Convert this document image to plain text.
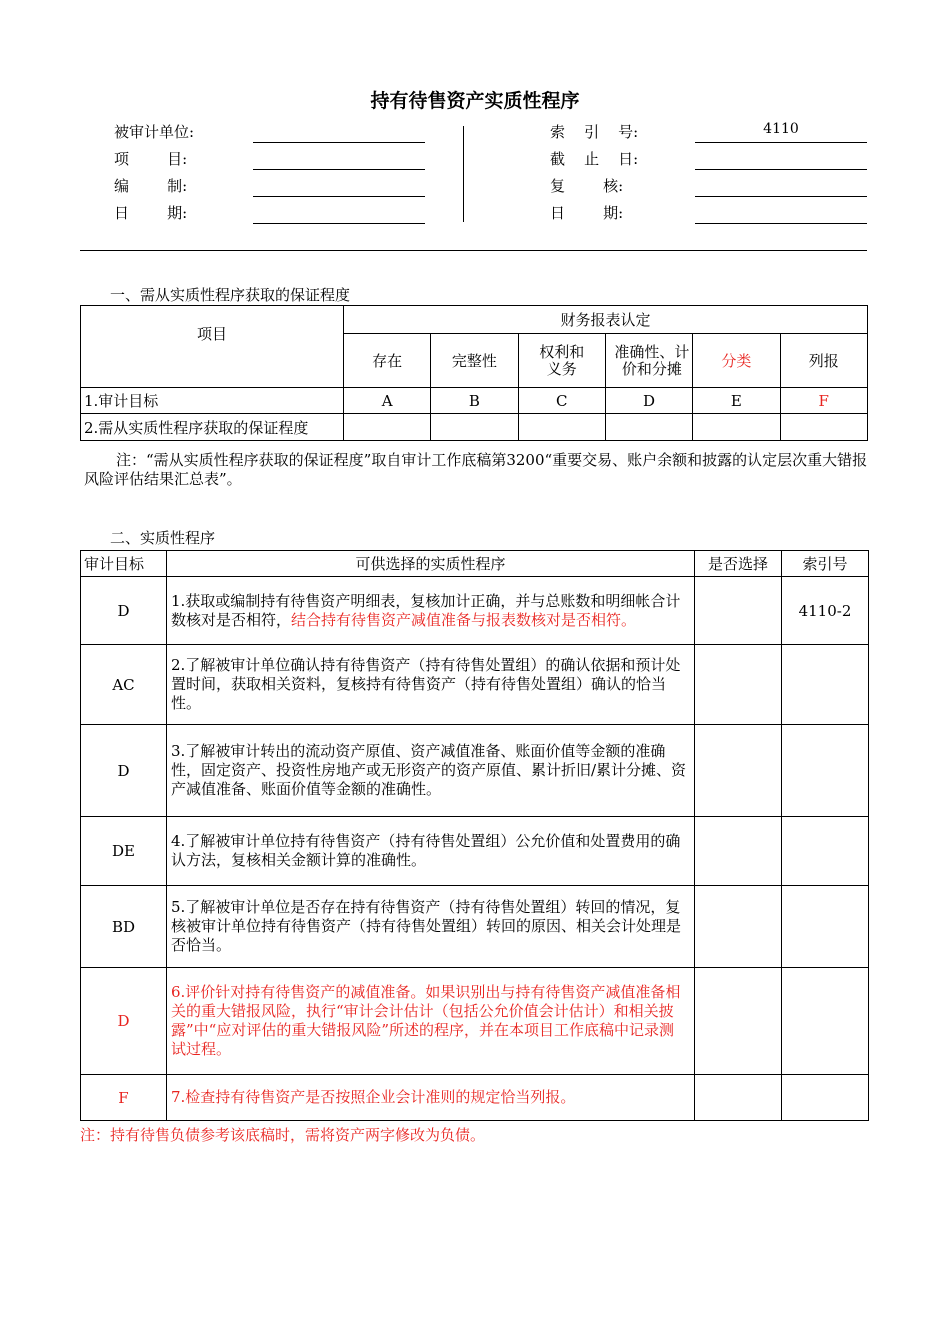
持有待售资产实质性程序
被审计单位:
项        目:
编        制:
日        期:
索    引    号:	4110
截    止    日:
复        核:
日        期:
一、需从实质性程序获取的保证程度
项目	财务报表认定					
	存在	完整性	权利和义务	准确性、计价和分摊	分类	列报
1.审计目标	A	B	C	D	E	F
2.需从实质性程序获取的保证程度						
注：“需从实质性程序获取的保证程度”取自审计工作底稿第3200“重要交易、账户余额和披露的认定层次重大错报风险评估结果汇总表”。
二、实质性程序
审计目标	可供选择的实质性程序	是否选择	索引号
D	1.获取或编制持有待售资产明细表，复核加计正确，并与总账数和明细帐合计数核对是否相符，结合持有待售资产减值准备与报表数核对是否相符。		4110-2
AC	2.了解被审计单位确认持有待售资产（持有待售处置组）的确认依据和预计处置时间，获取相关资料，复核持有待售资产（持有待售处置组）确认的恰当性。		
D	3.了解被审计转出的流动资产原值、资产减值准备、账面价值等金额的准确性，固定资产、投资性房地产或无形资产的资产原值、累计折旧/累计分摊、资产减值准备、账面价值等金额的准确性。		
DE	4.了解被审计单位持有待售资产（持有待售处置组）公允价值和处置费用的确认方法，复核相关金额计算的准确性。		
BD	5.了解被审计单位是否存在持有待售资产（持有待售处置组）转回的情况，复核被审计单位持有待售资产（持有待售处置组）转回的原因、相关会计处理是否恰当。		
D	6.评价针对持有待售资产的减值准备。如果识别出与持有待售资产减值准备相关的重大错报风险，执行“审计会计估计（包括公允价值会计估计）和相关披露”中“应对评估的重大错报风险”所述的程序，并在本项目工作底稿中记录测试过程。		
F	7.检查持有待售资产是否按照企业会计准则的规定恰当列报。		
注：持有待售负债参考该底稿时，需将资产两字修改为负债。
